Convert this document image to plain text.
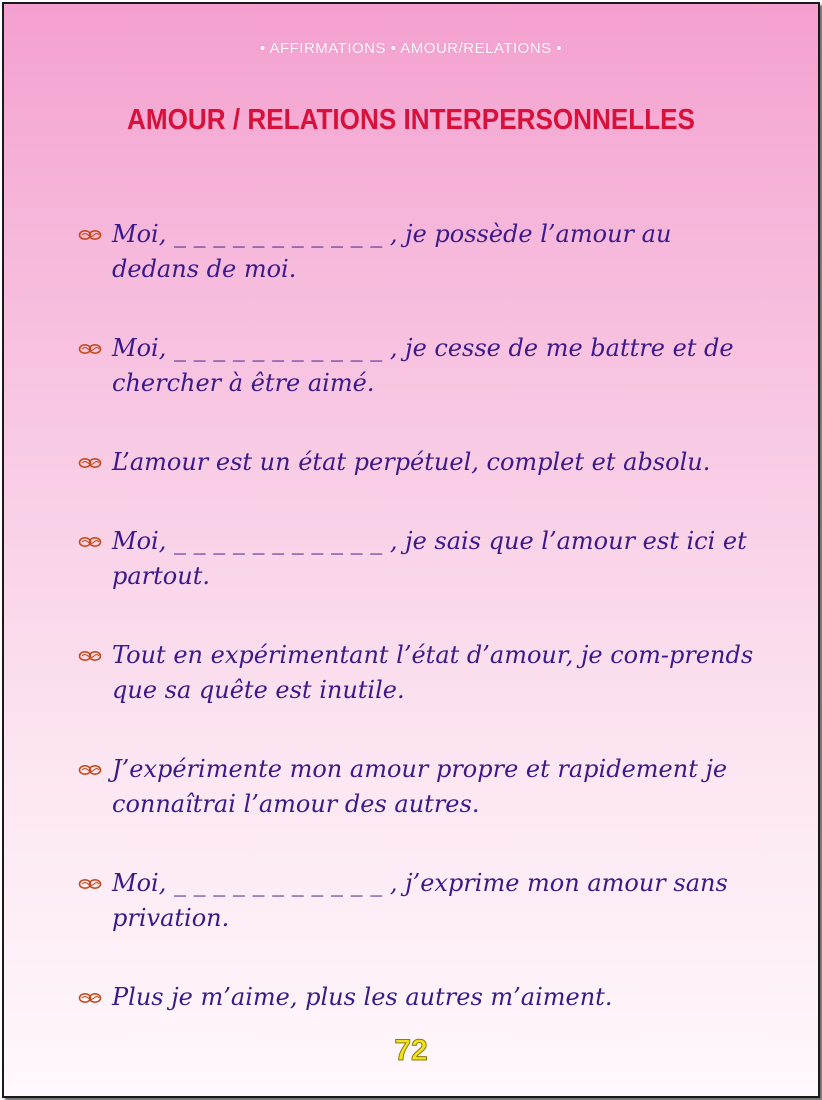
• AFFIRMATIONS • AMOUR/RELATIONS •
AMOUR / RELATIONS INTERPERSONNELLES
Moi, _ _ _ _ _ _ _ _ _ _ _ , je possède l’amour au dedans de moi.
Moi, _ _ _ _ _ _ _ _ _ _ _ , je cesse de me battre et de chercher à être aimé.
L’amour est un état perpétuel, complet et absolu.
Moi, _ _ _ _ _ _ _ _ _ _ _ , je sais que l’amour est ici et partout.
Tout en expérimentant l’état d’amour, je com-prends que sa quête est inutile.
J’expérimente mon amour propre et rapidement je connaîtrai l’amour des autres.
Moi, _ _ _ _ _ _ _ _ _ _ _ , j’exprime mon amour sans privation.
Plus je m’aime, plus les autres m’aiment.
72
